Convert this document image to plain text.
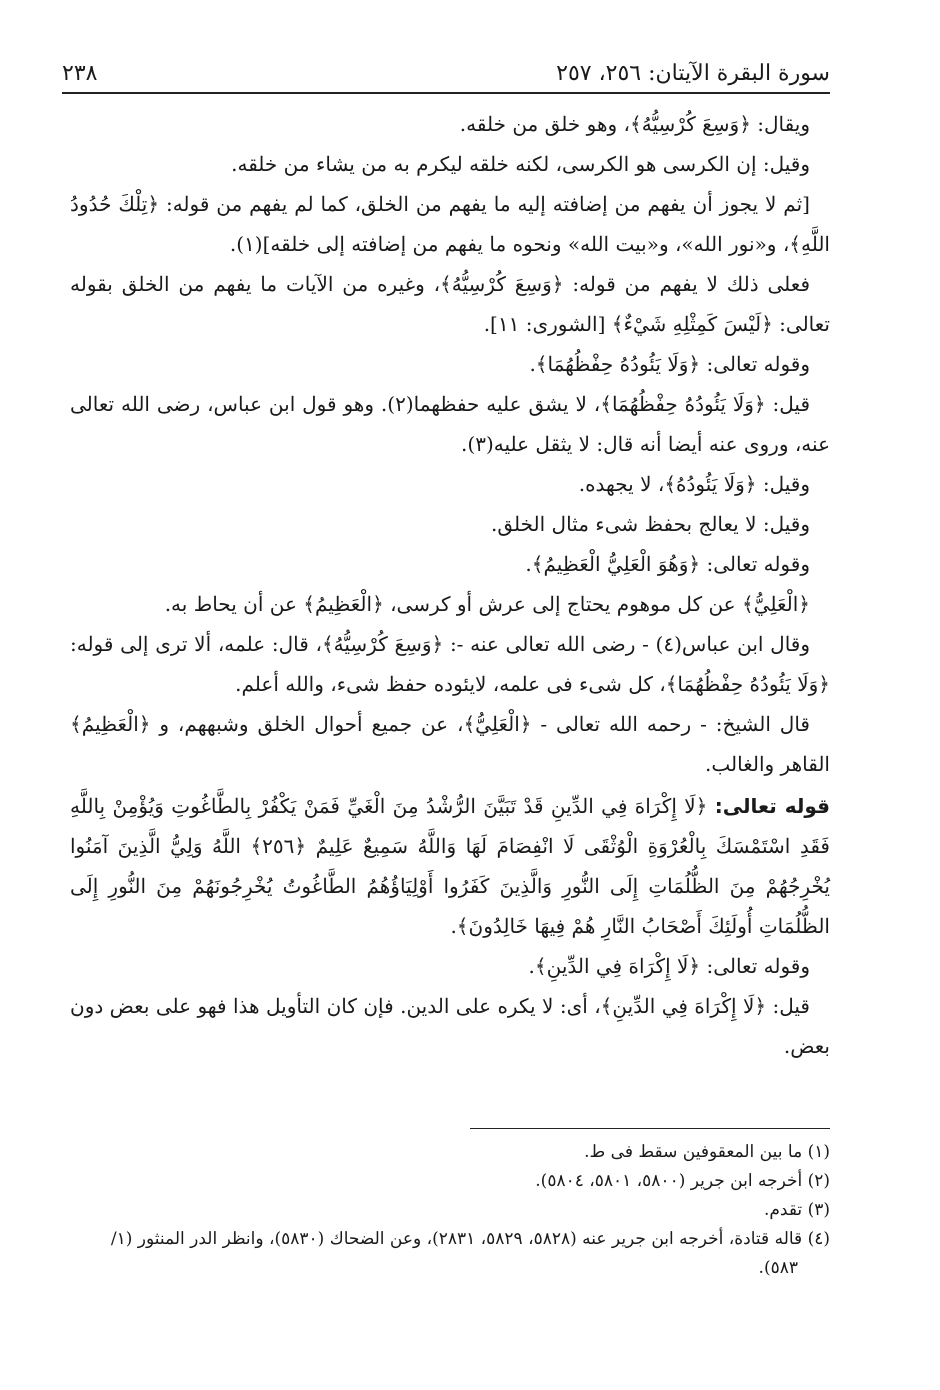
سورة البقرة الآيتان: ٢٥٦، ٢٥٧
٢٣٨

ويقال: ﴿وَسِعَ كُرْسِيُّهُ﴾، وهو خلق من خلقه.

وقيل: إن الكرسى هو الكرسى، لكنه خلقه ليكرم به من يشاء من خلقه.

[ثم لا يجوز أن يفهم من إضافته إليه ما يفهم من الخلق، كما لم يفهم من قوله: ﴿تِلْكَ حُدُودُ اللَّهِ﴾، و«نور الله»، و«بيت الله» ونحوه ما يفهم من إضافته إلى خلقه](١).

فعلى ذلك لا يفهم من قوله: ﴿وَسِعَ كُرْسِيُّهُ﴾، وغيره من الآيات ما يفهم من الخلق بقوله تعالى: ﴿لَيْسَ كَمِثْلِهِ شَيْءٌ﴾ [الشورى: ١١].

وقوله تعالى: ﴿وَلَا يَئُودُهُ حِفْظُهُمَا﴾.

قيل: ﴿وَلَا يَئُودُهُ حِفْظُهُمَا﴾، لا يشق عليه حفظهما(٢). وهو قول ابن عباس، رضى الله تعالى عنه، وروى عنه أيضا أنه قال: لا يثقل عليه(٣).

وقيل: ﴿وَلَا يَئُودُهُ﴾، لا يجهده.

وقيل: لا يعالج بحفظ شىء مثال الخلق.

وقوله تعالى: ﴿وَهُوَ الْعَلِيُّ الْعَظِيمُ﴾.

﴿الْعَلِيُّ﴾ عن كل موهوم يحتاج إلى عرش أو كرسى، ﴿الْعَظِيمُ﴾ عن أن يحاط به.

وقال ابن عباس(٤) - رضى الله تعالى عنه -: ﴿وَسِعَ كُرْسِيُّهُ﴾، قال: علمه، ألا ترى إلى قوله: ﴿وَلَا يَئُودُهُ حِفْظُهُمَا﴾، كل شىء فى علمه، لايئوده حفظ شىء، والله أعلم.

قال الشيخ: - رحمه الله تعالى - ﴿الْعَلِيُّ﴾، عن جميع أحوال الخلق وشبههم، و ﴿الْعَظِيمُ﴾ القاهر والغالب.

قوله تعالى: ﴿لَا إِكْرَاهَ فِي الدِّينِ قَدْ تَبَيَّنَ الرُّشْدُ مِنَ الْغَيِّ فَمَنْ يَكْفُرْ بِالطَّاغُوتِ وَيُؤْمِنْ بِاللَّهِ فَقَدِ اسْتَمْسَكَ بِالْعُرْوَةِ الْوُثْقَى لَا انْفِصَامَ لَهَا وَاللَّهُ سَمِيعٌ عَلِيمٌ ﴿٢٥٦﴾ اللَّهُ وَلِيُّ الَّذِينَ آمَنُوا يُخْرِجُهُمْ مِنَ الظُّلُمَاتِ إِلَى النُّورِ وَالَّذِينَ كَفَرُوا أَوْلِيَاؤُهُمُ الطَّاغُوتُ يُخْرِجُونَهُمْ مِنَ النُّورِ إِلَى الظُّلُمَاتِ أُولَئِكَ أَصْحَابُ النَّارِ هُمْ فِيهَا خَالِدُونَ﴾.

وقوله تعالى: ﴿لَا إِكْرَاهَ فِي الدِّينِ﴾.

قيل: ﴿لَا إِكْرَاهَ فِي الدِّينِ﴾، أى: لا يكره على الدين. فإن كان التأويل هذا فهو على بعض دون بعض.

(١) ما بين المعقوفين سقط فى ط.
(٢) أخرجه ابن جرير (٥٨٠٠، ٥٨٠١، ٥٨٠٤).
(٣) تقدم.
(٤) قاله قتادة، أخرجه ابن جرير عنه (٥٨٢٨، ٥٨٢٩، ٢٨٣١)، وعن الضحاك (٥٨٣٠)، وانظر الدر المنثور (١/ ٥٨٣).
